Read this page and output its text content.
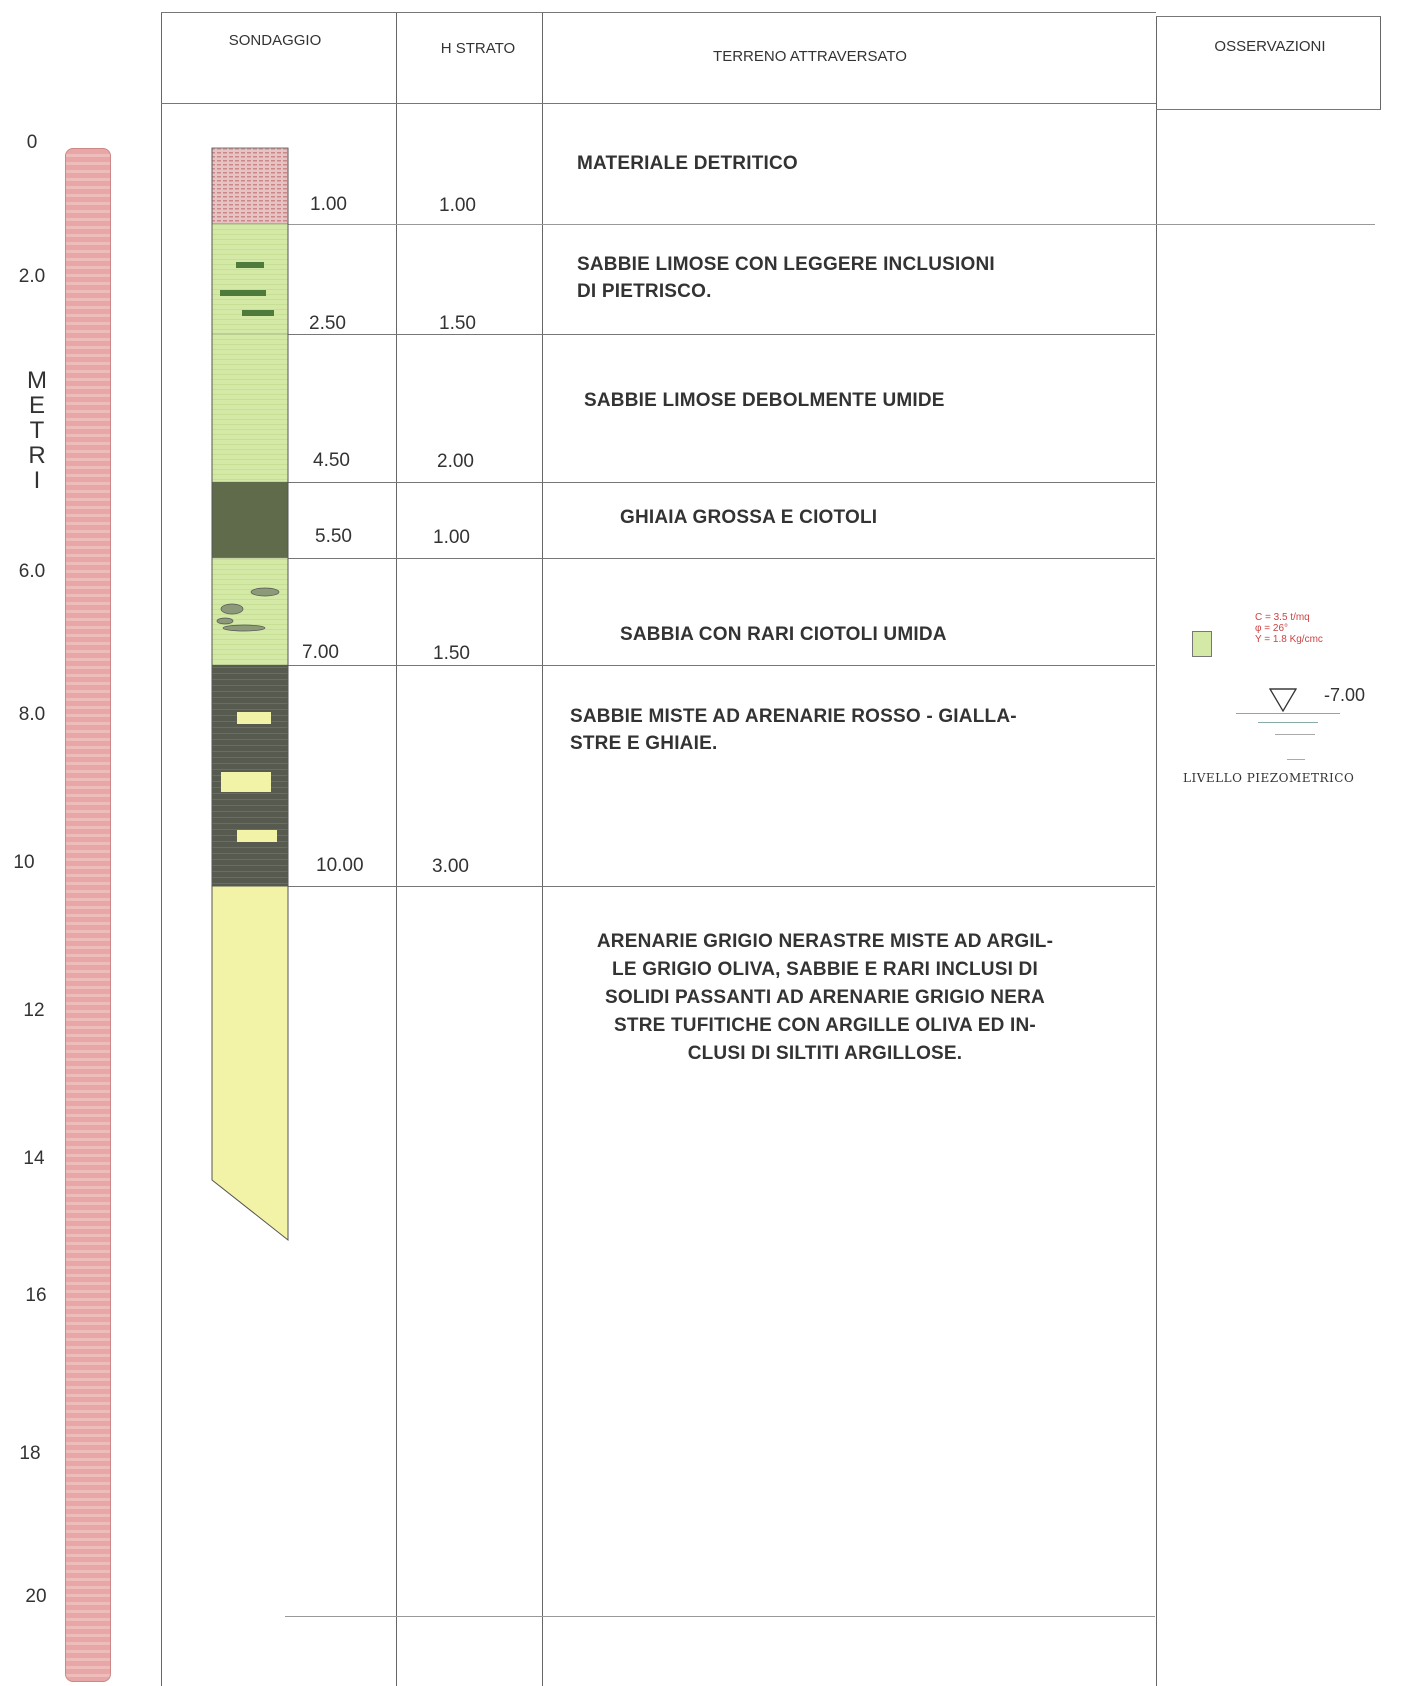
0
2.0
6.0
8.0
10
12
14
16
18
20
M
E
T
R
I
SONDAGGIO	H STRATO	TERRENO ATTRAVERSATO
OSSERVAZIONI
1.00
2.50
4.50
5.50
7.00
10.00
1.00
1.50
2.00
1.00
1.50
3.00
MATERIALE DETRITICO
SABBIE LIMOSE CON LEGGERE INCLUSIONI
DI PIETRISCO.
SABBIE LIMOSE DEBOLMENTE UMIDE
GHIAIA GROSSA E CIOTOLI
SABBIA CON RARI CIOTOLI UMIDA
SABBIE MISTE AD ARENARIE ROSSO - GIALLA-
STRE E GHIAIE.
ARENARIE GRIGIO NERASTRE MISTE AD ARGIL-
LE GRIGIO OLIVA, SABBIE E RARI INCLUSI DI
SOLIDI PASSANTI AD ARENARIE GRIGIO NERA
STRE TUFITICHE CON ARGILLE OLIVA ED IN-
CLUSI DI SILTITI ARGILLOSE.
C = 3.5 t/mq
φ = 26°
Y = 1.8 Kg/cmc
-7.00
LIVELLO PIEZOMETRICO
